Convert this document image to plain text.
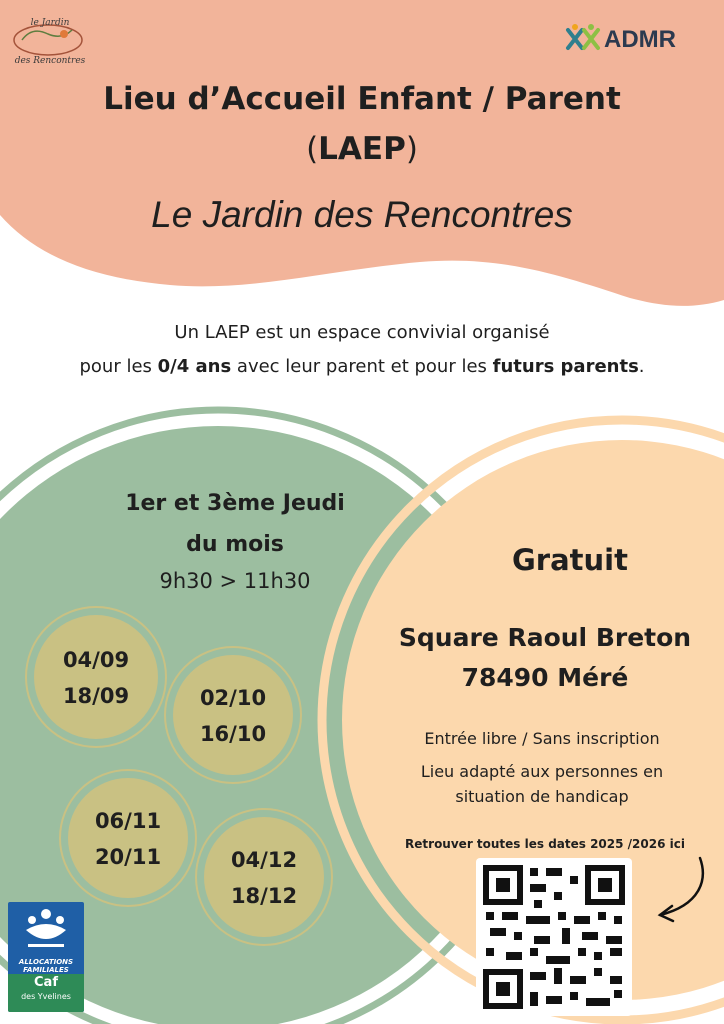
le Jardin
des Rencontres
ADMR
Lieu d’Accueil Enfant / Parent
(LAEP)
Le Jardin des Rencontres
Un LAEP est un espace convivial organisé
pour les 0/4 ans avec leur parent et pour les futurs parents.
1er et 3ème Jeudi
du mois
9h30 > 11h30
04/09
18/09	02/10
16/10
06/11
20/11	04/12
18/12
Gratuit
Square Raoul Breton
78490 Méré
Entrée libre / Sans inscription
Lieu adapté aux personnes en
situation de handicap
Retrouver toutes les dates 2025 /2026 ici
ALLOCATIONS
FAMILIALES
Caf
des Yvelines
